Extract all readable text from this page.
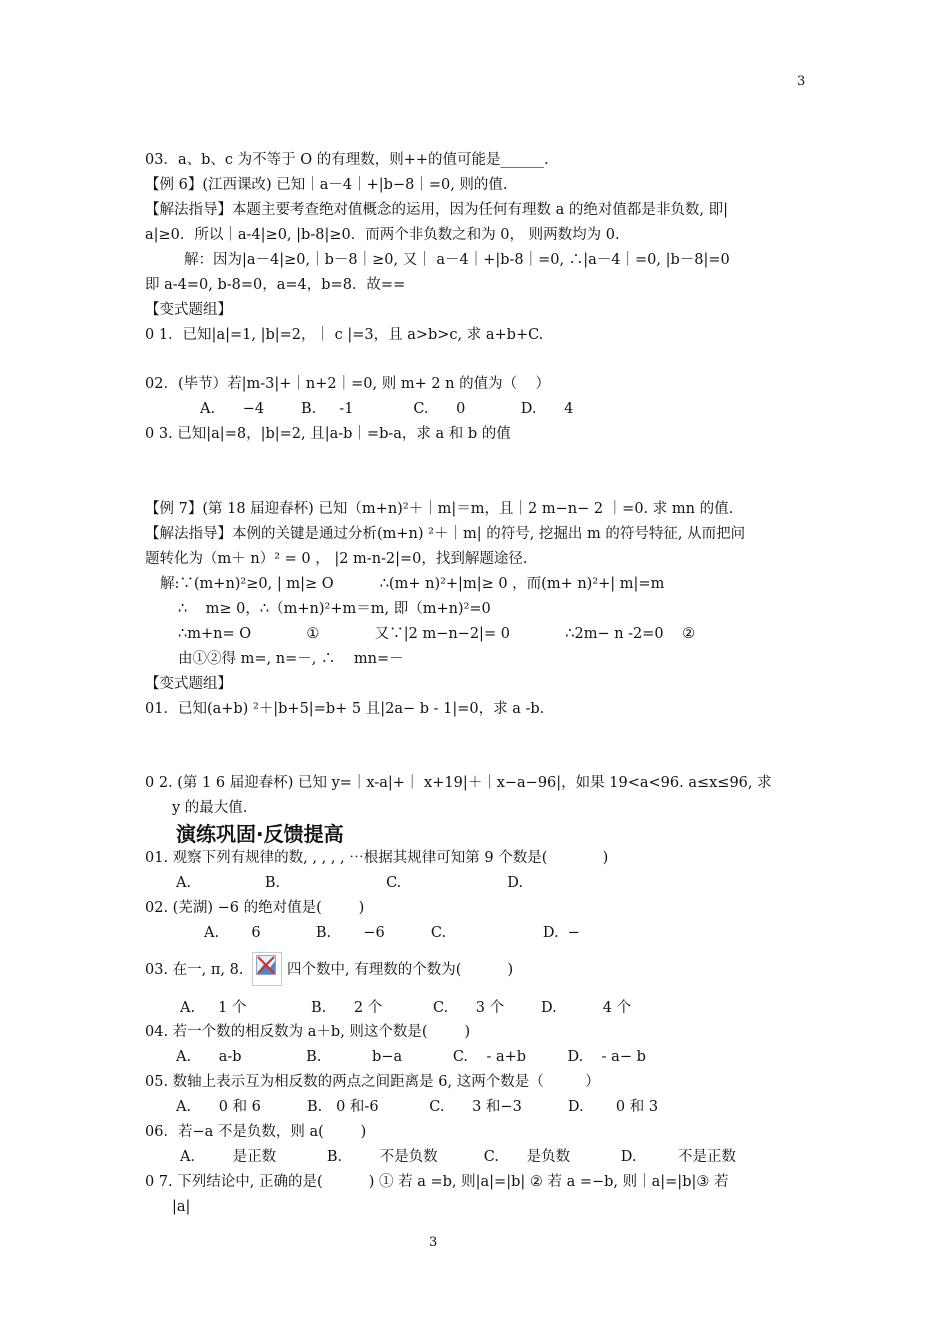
3
03．a、b、c 为不等于 O 的有理数，则++的值可能是______.
【例 6】(江西课改) 已知｜a－4｜+|b−8｜=0, 则的值.
【解法指导】本题主要考查绝对值概念的运用，因为任何有理数 a 的绝对值都是非负数, 即|
a|≥0．所以｜a-4|≥0, |b-8|≥0．而两个非负数之和为 0， 则两数均为 0.
解：因为|a－4|≥0,｜b－8｜≥0, 又｜ a－4｜+|b-8｜=0, ∴|a－4｜=0, |b－8|=0
即 a-4=0, b-8=0，a=4，b=8．故==
【变式题组】
0 1．已知|a|=1, |b|=2，｜ c |=3，且 a>b>c, 求 a+b+C.
02．(毕节）若|m-3|+｜n+2｜=0, 则 m+ 2 n 的值为（    ）
A.      −4        B.     -1             C.      0            D.      4
0 3. 已知|a|=8，|b|=2, 且|a-b｜=b-a，求 a 和 b 的值
【例 7】(第 18 届迎春杯) 已知（m+n)²＋｜m|＝m，且｜2 m−n− 2 ｜=0. 求 mn 的值.
【解法指导】本例的关键是通过分析(m+n) ²＋｜m| 的符号, 挖掘出 m 的符号特征, 从而把问
题转化为（m＋ n）² = 0 ， |2 m-n-2|=0，找到解题途径.
解:∵(m+n)²≥0, | m|≥ O          ∴(m+ n)²+|m|≥ 0 ，而(m+ n)²+| m|=m
∴    m≥ 0，∴（m+n)²+m＝m, 即（m+n)²=0
∴m+n= O            ①            又∵|2 m−n−2|= 0            ∴2m− n -2=0    ②
由①②得 m=, n=－, ∴    mn=－
【变式题组】
01．已知(a+b) ²＋|b+5|=b+ 5 且|2a− b - 1|=0，求 a -b.
0 2. (第 1 6 届迎春杯) 已知 y=｜x-a|+｜ x+19|＋｜x−a−96|，如果 19<a<96. a≤x≤96, 求
y 的最大值.
演练巩固·反馈提高
01. 观察下列有规律的数, , , , , ⋯根据其规律可知第 9 个数是(            )
A.                B.                       C.                       D.
02. (芜湖) −6 的绝对值是(        )
A.       6            B.       −6          C.                     D.  −
03. 在一, π, 8.	四个数中, 有理数的个数为(          )
A.     1 个              B.      2 个           C.      3 个        D.          4 个
04. 若一个数的相反数为 a＋b, 则这个数是(        )
A.      a-b              B.           b−a           C.    - a+b         D.    - a− b
05. 数轴上表示互为相反数的两点之间距离是 6, 这两个数是（         ）
A.      0 和 6          B.   0 和-6           C.      3 和−3          D.       0 和 3
06．若−a 不是负数，则 a(        )
A．      是正数           B．      不是负数          C.      是负数           D.         不是正数
0 7. 下列结论中, 正确的是(          ) ① 若 a =b, 则|a|=|b| ② 若 a =−b, 则｜a|=|b|③ 若
|a|
3
